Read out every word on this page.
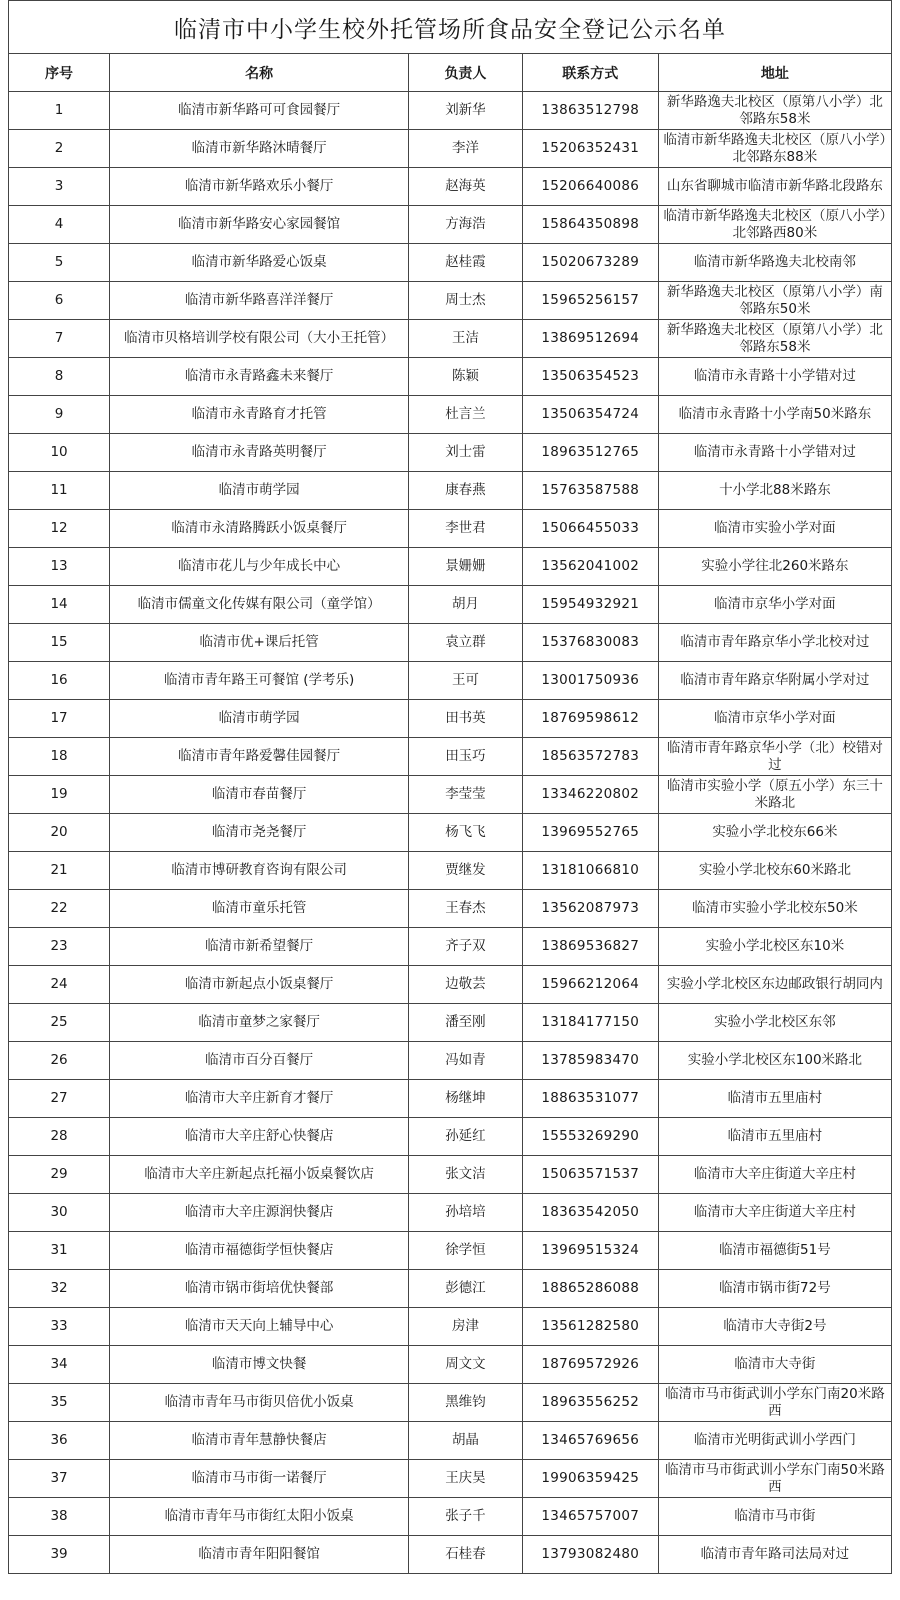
临清市中小学生校外托管场所食品安全登记公示名单				
序号	名称	负责人	联系方式	地址
1	临清市新华路可可食园餐厅	刘新华	13863512798	新华路逸夫北校区（原第八小学）北邻路东58米
2	临清市新华路沐晴餐厅	李洋	15206352431	临清市新华路逸夫北校区（原八小学）北邻路东88米
3	临清市新华路欢乐小餐厅	赵海英	15206640086	山东省聊城市临清市新华路北段路东
4	临清市新华路安心家园餐馆	方海浩	15864350898	临清市新华路逸夫北校区（原八小学）北邻路西80米
5	临清市新华路爱心饭桌	赵桂霞	15020673289	临清市新华路逸夫北校南邻
6	临清市新华路喜洋洋餐厅	周士杰	15965256157	新华路逸夫北校区（原第八小学）南邻路东50米
7	临清市贝格培训学校有限公司（大小王托管）	王洁	13869512694	新华路逸夫北校区（原第八小学）北邻路东58米
8	临清市永青路鑫未来餐厅	陈颖	13506354523	临清市永青路十小学错对过
9	临清市永青路育才托管	杜言兰	13506354724	临清市永青路十小学南50米路东
10	临清市永青路英明餐厅	刘士雷	18963512765	临清市永青路十小学错对过
11	临清市萌学园	康春燕	15763587588	十小学北88米路东
12	临清市永清路腾跃小饭桌餐厅	李世君	15066455033	临清市实验小学对面
13	临清市花儿与少年成长中心	景姗姗	13562041002	实验小学往北260米路东
14	临清市儒童文化传媒有限公司（童学馆）	胡月	15954932921	临清市京华小学对面
15	临清市优+课后托管	袁立群	15376830083	临清市青年路京华小学北校对过
16	临清市青年路王可餐馆 (学考乐)	王可	13001750936	临清市青年路京华附属小学对过
17	临清市萌学园	田书英	18769598612	临清市京华小学对面
18	临清市青年路爱馨佳园餐厅	田玉巧	18563572783	临清市青年路京华小学（北）校错对过
19	临清市春苗餐厅	李莹莹	13346220802	临清市实验小学（原五小学）东三十米路北
20	临清市尧尧餐厅	杨飞飞	13969552765	实验小学北校东66米
21	临清市博研教育咨询有限公司	贾继发	13181066810	实验小学北校东60米路北
22	临清市童乐托管	王春杰	13562087973	临清市实验小学北校东50米
23	临清市新希望餐厅	齐子双	13869536827	实验小学北校区东10米
24	临清市新起点小饭桌餐厅	边敬芸	15966212064	实验小学北校区东边邮政银行胡同内
25	临清市童梦之家餐厅	潘至刚	13184177150	实验小学北校区东邻
26	临清市百分百餐厅	冯如青	13785983470	实验小学北校区东100米路北
27	临清市大辛庄新育才餐厅	杨继坤	18863531077	临清市五里庙村
28	临清市大辛庄舒心快餐店	孙延红	15553269290	临清市五里庙村
29	临清市大辛庄新起点托福小饭桌餐饮店	张文洁	15063571537	临清市大辛庄街道大辛庄村
30	临清市大辛庄源润快餐店	孙培培	18363542050	临清市大辛庄街道大辛庄村
31	临清市福德街学恒快餐店	徐学恒	13969515324	临清市福德街51号
32	临清市锅市街培优快餐部	彭德江	18865286088	临清市锅市街72号
33	临清市天天向上辅导中心	房津	13561282580	临清市大寺街2号
34	临清市博文快餐	周文文	18769572926	临清市大寺街
35	临清市青年马市街贝倍优小饭桌	黑维钧	18963556252	临清市马市街武训小学东门南20米路西
36	临清市青年慧静快餐店	胡晶	13465769656	临清市光明街武训小学西门
37	临清市马市街一诺餐厅	王庆昊	19906359425	临清市马市街武训小学东门南50米路西
38	临清市青年马市街红太阳小饭桌	张子千	13465757007	临清市马市街
39	临清市青年阳阳餐馆	石桂春	13793082480	临清市青年路司法局对过
